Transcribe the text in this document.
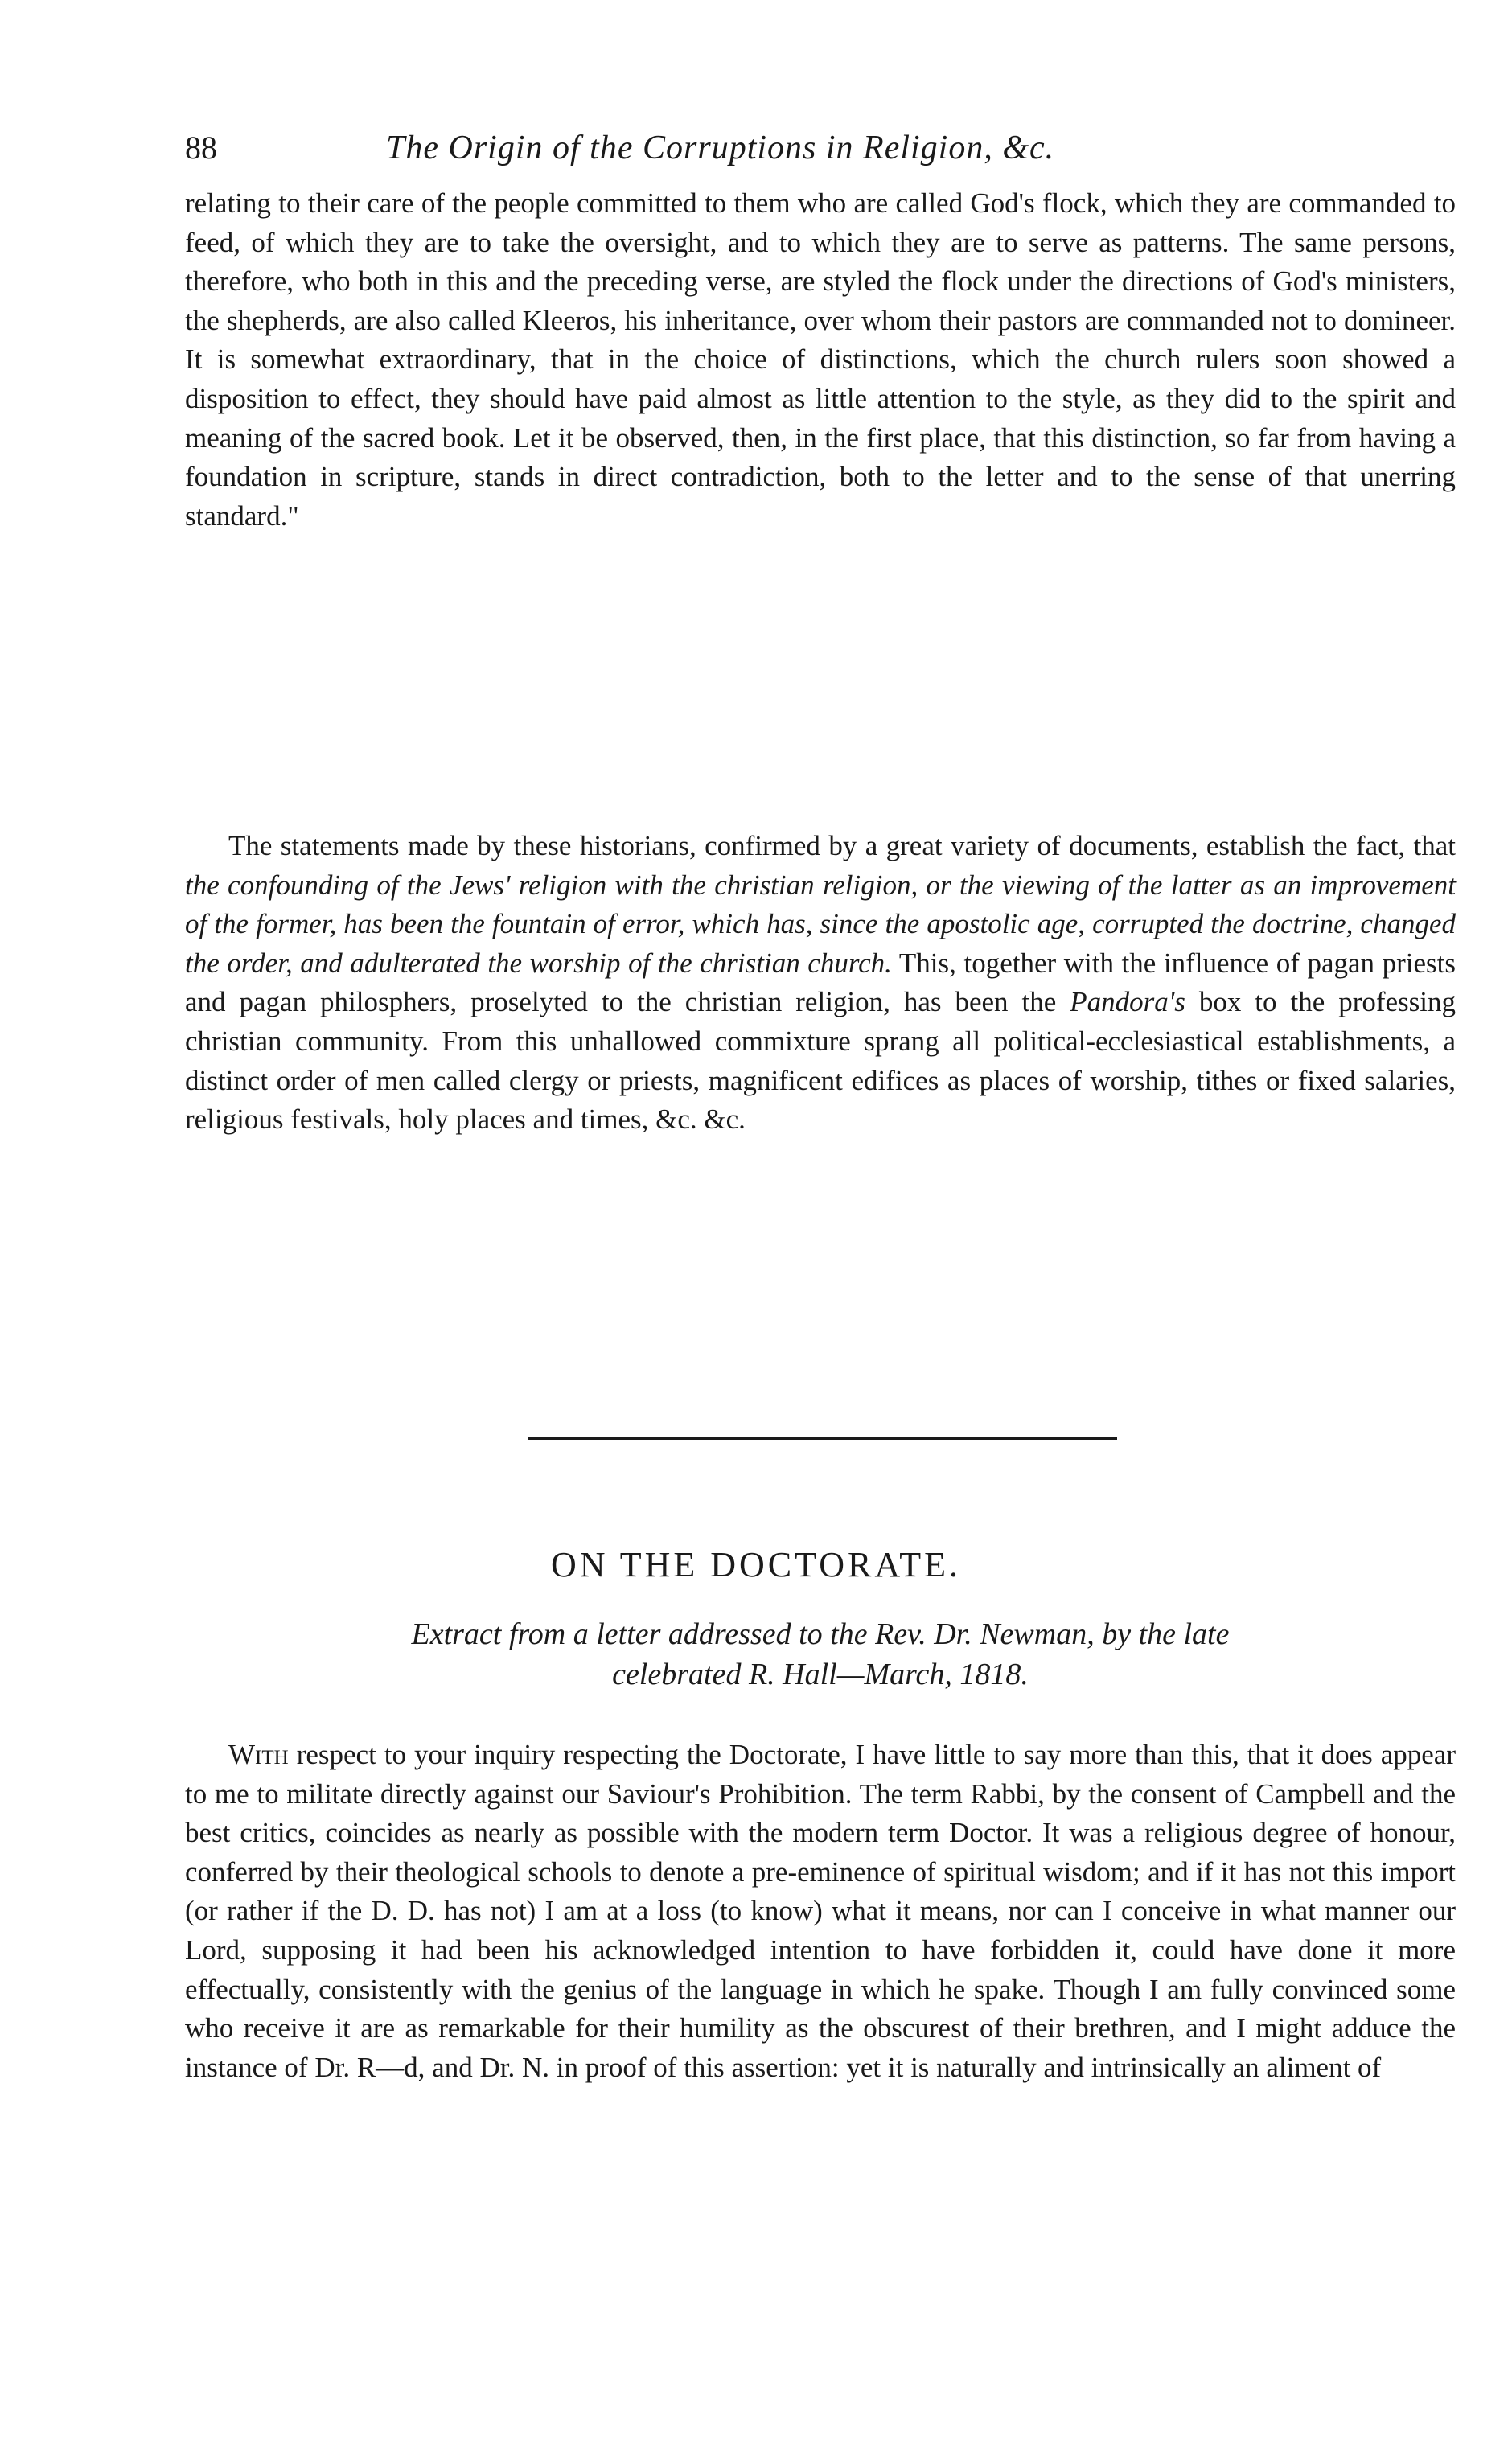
88	The Origin of the Corruptions in Religion, &c.

relating to their care of the people committed to them who are called God's flock, which they are commanded to feed, of which they are to take the oversight, and to which they are to serve as patterns. The same persons, therefore, who both in this and the preceding verse, are styled the flock under the directions of God's ministers, the shepherds, are also called Kleeros, his inheritance, over whom their pastors are commanded not to domineer. It is somewhat extraordinary, that in the choice of distinctions, which the church rulers soon showed a disposition to effect, they should have paid almost as little attention to the style, as they did to the spirit and meaning of the sacred book. Let it be observed, then, in the first place, that this distinction, so far from having a foundation in scripture, stands in direct contradiction, both to the letter and to the sense of that unerring standard."

The statements made by these historians, confirmed by a great variety of documents, establish the fact, that the confounding of the Jews' religion with the christian religion, or the viewing of the latter as an improvement of the former, has been the fountain of error, which has, since the apostolic age, corrupted the doctrine, changed the order, and adulterated the worship of the christian church. This, together with the influence of pagan priests and pagan philosphers, proselyted to the christian religion, has been the Pandora's box to the professing christian community. From this unhallowed commixture sprang all political-ecclesiastical establishments, a distinct order of men called clergy or priests, magnificent edifices as places of worship, tithes or fixed salaries, religious festivals, holy places and times, &c. &c.

ON THE DOCTORATE.
Extract from a letter addressed to the Rev. Dr. Newman, by the late
celebrated R. Hall—March, 1818.

With respect to your inquiry respecting the Doctorate, I have little to say more than this, that it does appear to me to militate directly against our Saviour's Prohibition. The term Rabbi, by the consent of Campbell and the best critics, coincides as nearly as possible with the modern term Doctor. It was a religious degree of honour, conferred by their theological schools to denote a pre-eminence of spiritual wisdom; and if it has not this import (or rather if the D. D. has not) I am at a loss (to know) what it means, nor can I conceive in what manner our Lord, supposing it had been his acknowledged intention to have forbidden it, could have done it more effectually, consistently with the genius of the language in which he spake. Though I am fully convinced some who receive it are as remarkable for their humility as the obscurest of their brethren, and I might adduce the instance of Dr. R—d, and Dr. N. in proof of this assertion: yet it is naturally and intrinsically an aliment of
